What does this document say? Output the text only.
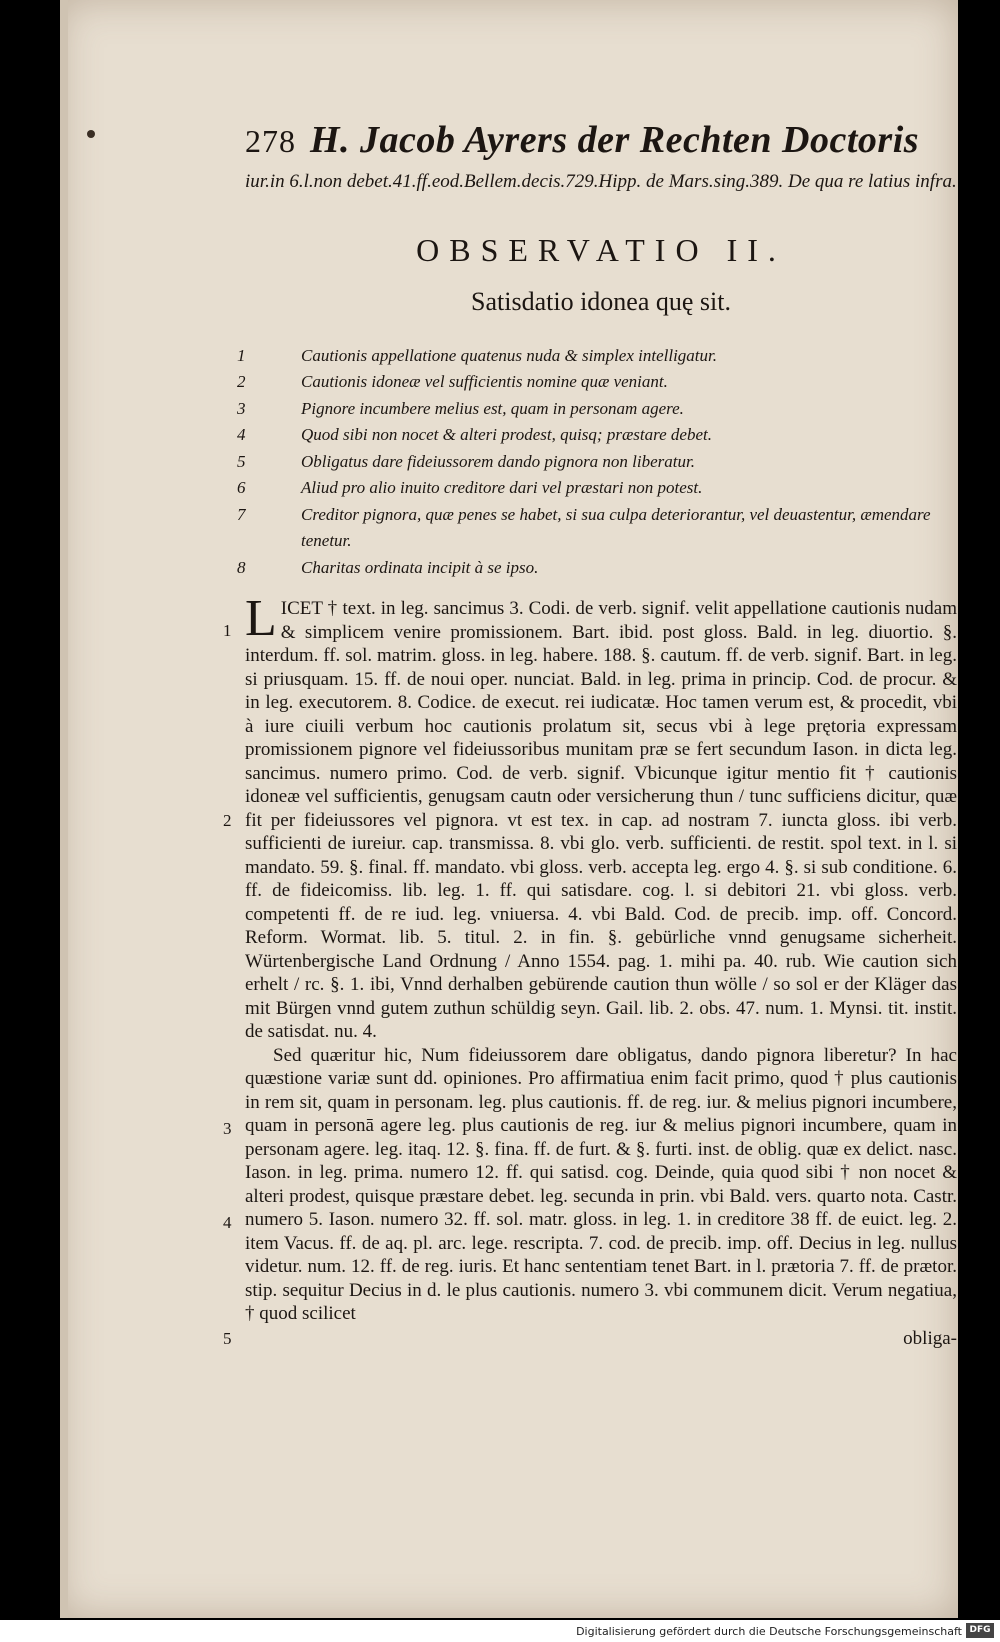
278 H. Jacob Ayrers der Rechten Doctoris

iur.in 6.l.non debet.41.ff.eod.Bellem.decis.729.Hipp. de Mars.sing.389. De qua re latius infra.

OBSERVATIO II.
Satisdatio idonea quę sit.
1	Cautionis appellatione quatenus nuda & simplex intelligatur.
2	Cautionis idoneæ vel sufficientis nomine quæ veniant.
3	Pignore incumbere melius est, quam in personam agere.
4	Quod sibi non nocet & alteri prodest, quisq; præstare debet.
5	Obligatus dare fideiussorem dando pignora non liberatur.
6	Aliud pro alio inuito creditore dari vel præstari non potest.
7	Creditor pignora, quæ penes se habet, si sua culpa deteriorantur, vel deuastentur, æmendare tenetur.
8	Charitas ordinata incipit à se ipso.
1
2
3
4
5

L ICET † text. in leg. sancimus 3. Codi. de verb. signif. velit appellatione cautionis nudam & simplicem venire promissionem. Bart. ibid. post gloss. Bald. in leg. diuortio. §. interdum. ff. sol. matrim. gloss. in leg. habere. 188. §. cautum. ff. de verb. signif. Bart. in leg. si priusquam. 15. ff. de noui oper. nunciat. Bald. in leg. prima in princip. Cod. de procur. & in leg. executorem. 8. Codice. de execut. rei iudicatæ. Hoc tamen verum est, & procedit, vbi à iure ciuili verbum hoc cautionis prolatum sit, secus vbi à lege prętoria expressam promissionem pignore vel fideiussoribus munitam præ se fert secundum Iason. in dicta leg. sancimus. numero primo. Cod. de verb. signif. Vbicunque igitur mentio fit † cautionis idoneæ vel sufficientis, genugsam cautn oder versicherung thun / tunc sufficiens dicitur, quæ fit per fideiussores vel pignora. vt est tex. in cap. ad nostram 7. iuncta gloss. ibi verb. sufficienti de iureiur. cap. transmissa. 8. vbi glo. verb. sufficienti. de restit. spol text. in l. si mandato. 59. §. final. ff. mandato. vbi gloss. verb. accepta leg. ergo 4. §. si sub conditione. 6. ff. de fideicomiss. lib. leg. 1. ff. qui satisdare. cog. l. si debitori 21. vbi gloss. verb. competenti ff. de re iud. leg. vniuersa. 4. vbi Bald. Cod. de precib. imp. off. Concord. Reform. Wormat. lib. 5. titul. 2. in fin. §. gebürliche vnnd genugsame sicherheit. Würtenbergische Land Ordnung / Anno 1554. pag. 1. mihi pa. 40. rub. Wie caution sich erhelt / rc. §. 1. ibi, Vnnd derhalben gebürende caution thun wölle / so sol er der Kläger das mit Bürgen vnnd gutem zuthun schüldig seyn. Gail. lib. 2. obs. 47. num. 1. Mynsi. tit. instit. de satisdat. nu. 4.

Sed quæritur hic, Num fideiussorem dare obligatus, dando pignora liberetur? In hac quæstione variæ sunt dd. opiniones. Pro affirmatiua enim facit primo, quod † plus cautionis in rem sit, quam in personam. leg. plus cautionis. ff. de reg. iur. & melius pignori incumbere, quam in personā agere leg. plus cautionis de reg. iur & melius pignori incumbere, quam in personam agere. leg. itaq. 12. §. fina. ff. de furt. & §. furti. inst. de oblig. quæ ex delict. nasc. Iason. in leg. prima. numero 12. ff. qui satisd. cog. Deinde, quia quod sibi † non nocet & alteri prodest, quisque præstare debet. leg. secunda in prin. vbi Bald. vers. quarto nota. Castr. numero 5. Iason. numero 32. ff. sol. matr. gloss. in leg. 1. in creditore 38 ff. de euict. leg. 2. item Vacus. ff. de aq. pl. arc. lege. rescripta. 7. cod. de precib. imp. off. Decius in leg. nullus videtur. num. 12. ff. de reg. iuris. Et hanc sententiam tenet Bart. in l. prætoria 7. ff. de prætor. stip. sequitur Decius in d. le plus cautionis. numero 3. vbi communem dicit. Verum negatiua, † quod scilicet

obliga-
Digitalisierung gefördert durch die Deutsche Forschungsgemeinschaft DFG
